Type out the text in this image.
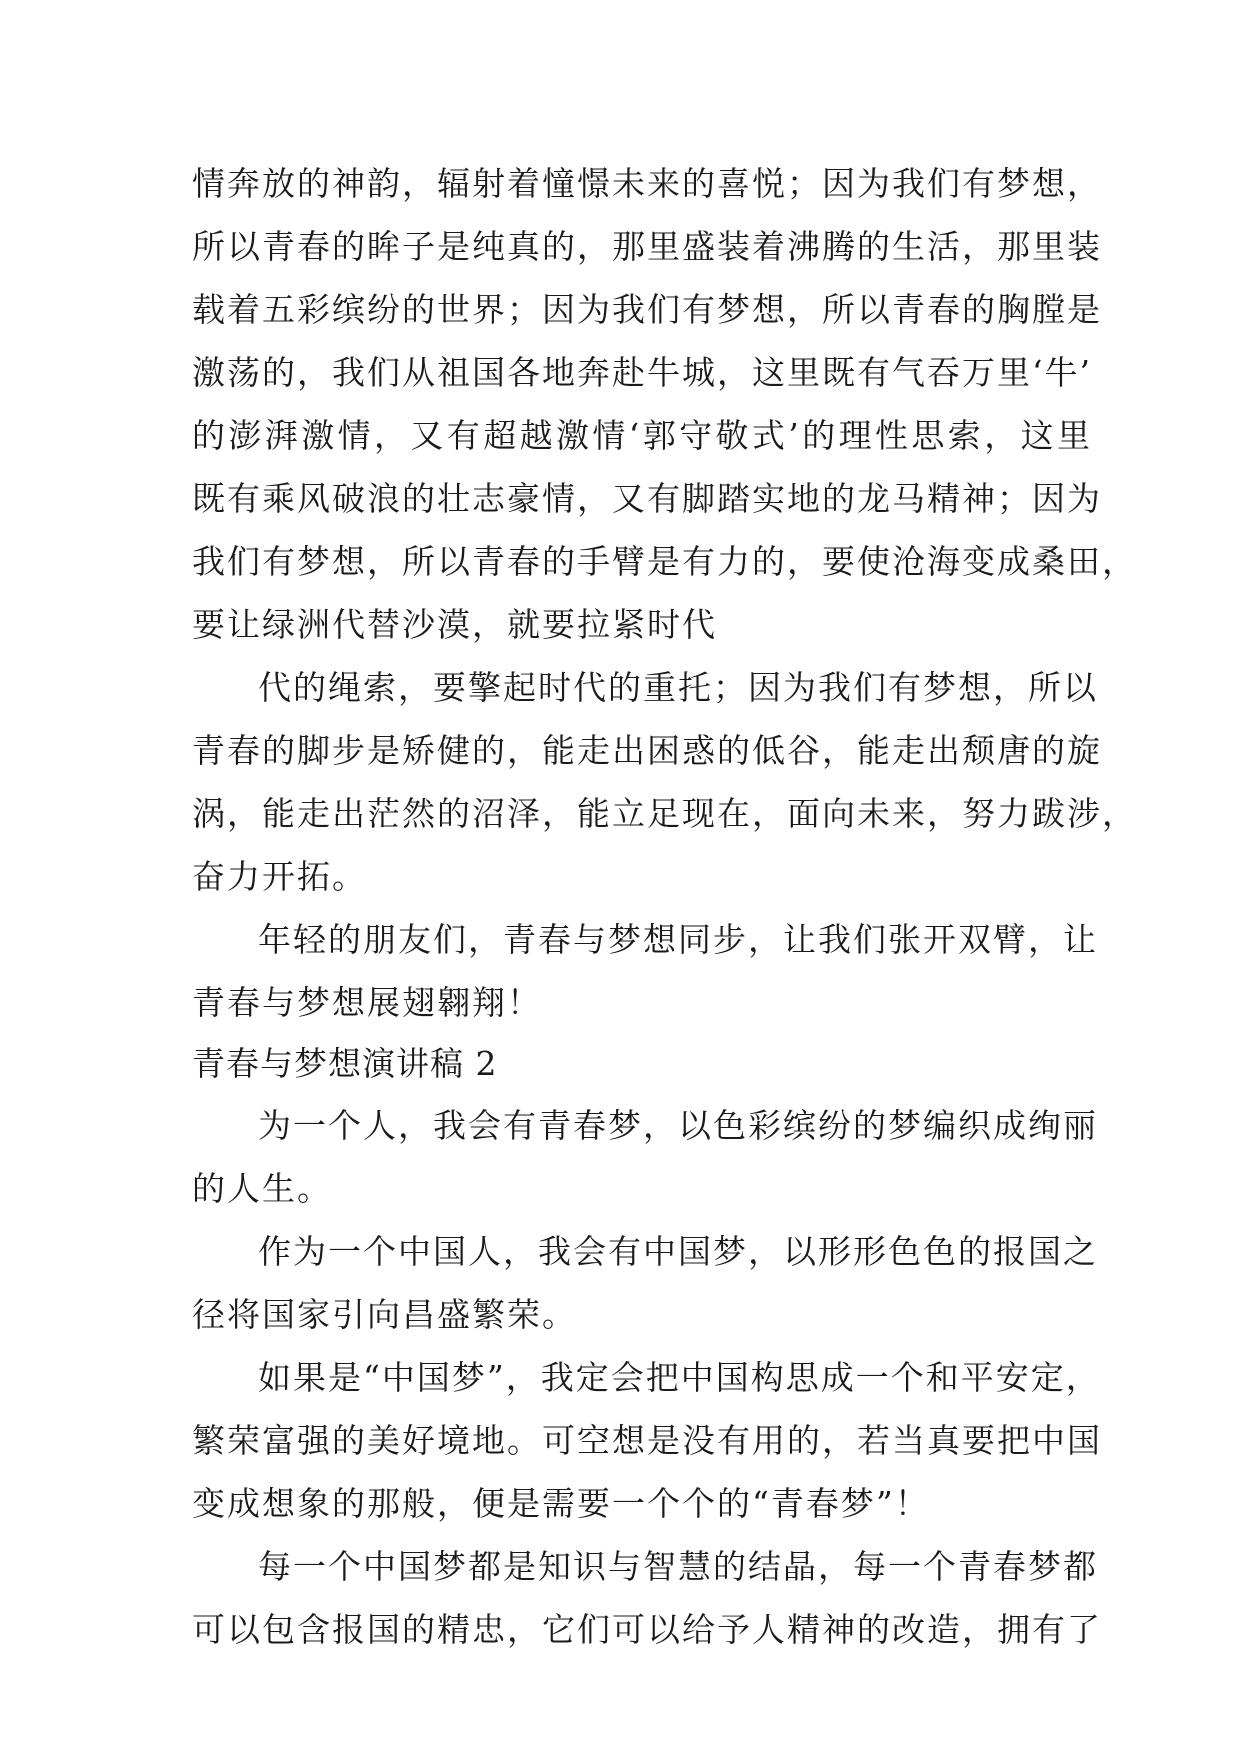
情奔放的神韵，辐射着憧憬未来的喜悦；因为我们有梦想，
所以青春的眸子是纯真的，那里盛装着沸腾的生活，那里装
载着五彩缤纷的世界；因为我们有梦想，所以青春的胸膛是
激荡的，我们从祖国各地奔赴牛城，这里既有气吞万里‘牛’
的澎湃激情，又有超越激情‘郭守敬式’的理性思索，这里
既有乘风破浪的壮志豪情，又有脚踏实地的龙马精神；因为
我们有梦想，所以青春的手臂是有力的，要使沧海变成桑田，
要让绿洲代替沙漠，就要拉紧时代
代的绳索，要擎起时代的重托；因为我们有梦想，所以
青春的脚步是矫健的，能走出困惑的低谷，能走出颓唐的旋
涡，能走出茫然的沼泽，能立足现在，面向未来，努力跋涉，
奋力开拓。
年轻的朋友们，青春与梦想同步，让我们张开双臂，让
青春与梦想展翅翱翔！
青春与梦想演讲稿 2
为一个人，我会有青春梦，以色彩缤纷的梦编织成绚丽
的人生。
作为一个中国人，我会有中国梦，以形形色色的报国之
径将国家引向昌盛繁荣。
如果是“中国梦”，我定会把中国构思成一个和平安定，
繁荣富强的美好境地。可空想是没有用的，若当真要把中国
变成想象的那般，便是需要一个个的“青春梦”！
每一个中国梦都是知识与智慧的结晶，每一个青春梦都
可以包含报国的精忠，它们可以给予人精神的改造，拥有了
